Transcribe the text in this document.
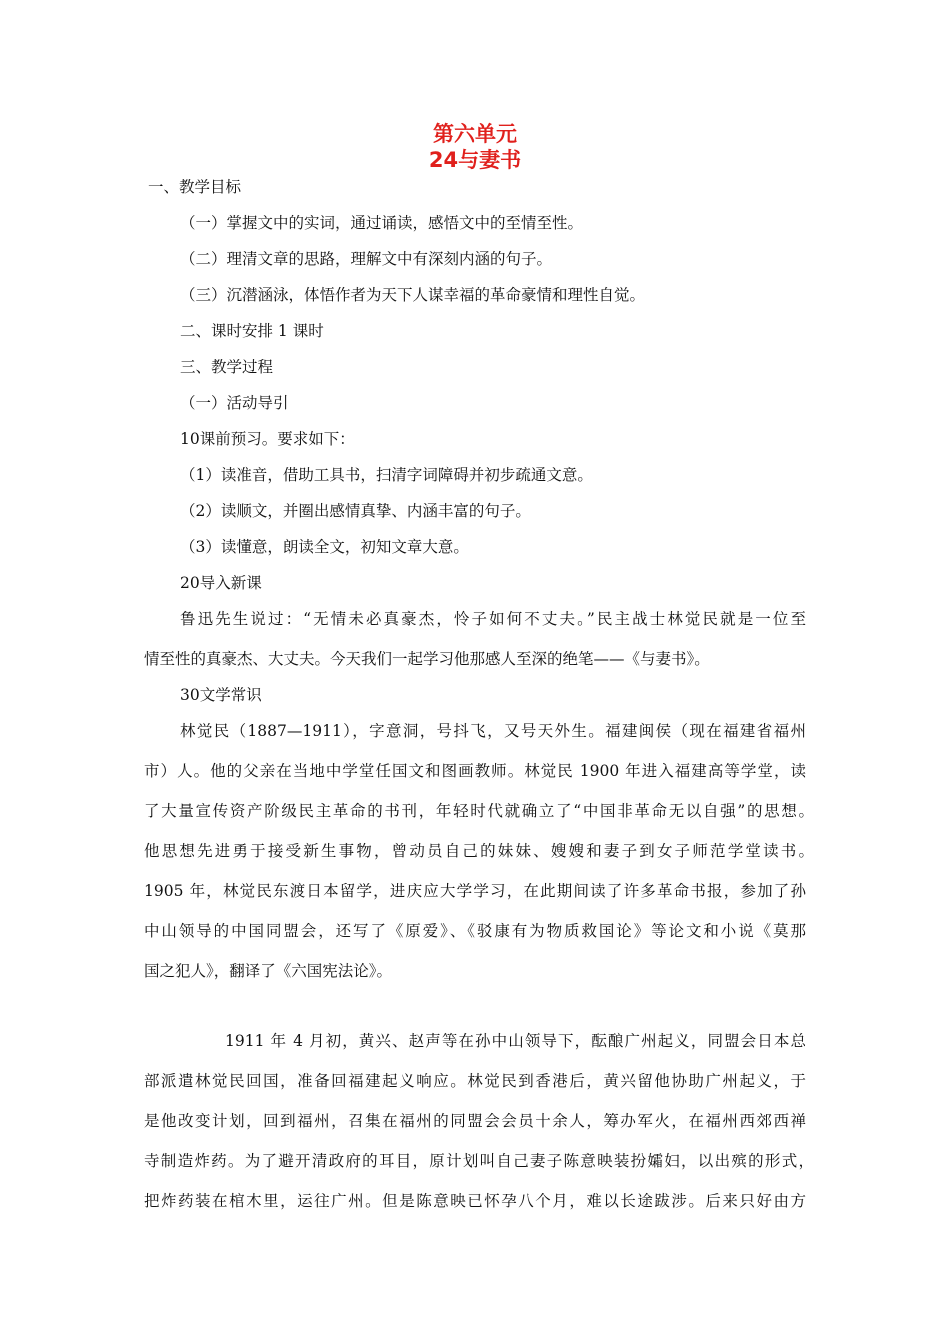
第六单元
24与妻书
一、教学目标
（一）掌握文中的实词，通过诵读，感悟文中的至情至性。
（二）理清文章的思路，理解文中有深刻内涵的句子。
（三）沉潜涵泳，体悟作者为天下人谋幸福的革命豪情和理性自觉。
二、课时安排 1 课时
三、教学过程
（一）活动导引
10课前预习。要求如下：
（1）读准音，借助工具书，扫清字词障碍并初步疏通文意。
（2）读顺文，并圈出感情真挚、内涵丰富的句子。
（3）读懂意，朗读全文，初知文章大意。
20导入新课
鲁迅先生说过：“无情未必真豪杰，怜子如何不丈夫。”民主战士林觉民就是一位至
情至性的真豪杰、大丈夫。今天我们一起学习他那感人至深的绝笔——《与妻书》。
30文学常识
林觉民（1887—1911），字意洞，号抖飞，又号天外生。福建闽侯（现在福建省福州
市）人。他的父亲在当地中学堂任国文和图画教师。林觉民 1900 年进入福建高等学堂，读
了大量宣传资产阶级民主革命的书刊，年轻时代就确立了“中国非革命无以自强”的思想。
他思想先进勇于接受新生事物，曾动员自己的妹妹、嫂嫂和妻子到女子师范学堂读书。
1905 年，林觉民东渡日本留学，进庆应大学学习，在此期间读了许多革命书报，参加了孙
中山领导的中国同盟会，还写了《原爱》、《驳康有为物质救国论》等论文和小说《莫那
国之犯人》，翻译了《六国宪法论》。
1911 年 4 月初，黄兴、赵声等在孙中山领导下，酝酿广州起义，同盟会日本总
部派遣林觉民回国，准备回福建起义响应。林觉民到香港后，黄兴留他协助广州起义，于
是他改变计划，回到福州，召集在福州的同盟会会员十余人，筹办军火，在福州西郊西禅
寺制造炸药。为了避开清政府的耳目，原计划叫自己妻子陈意映装扮孀妇，以出殡的形式，
把炸药装在棺木里，运往广州。但是陈意映已怀孕八个月，难以长途跋涉。后来只好由方
